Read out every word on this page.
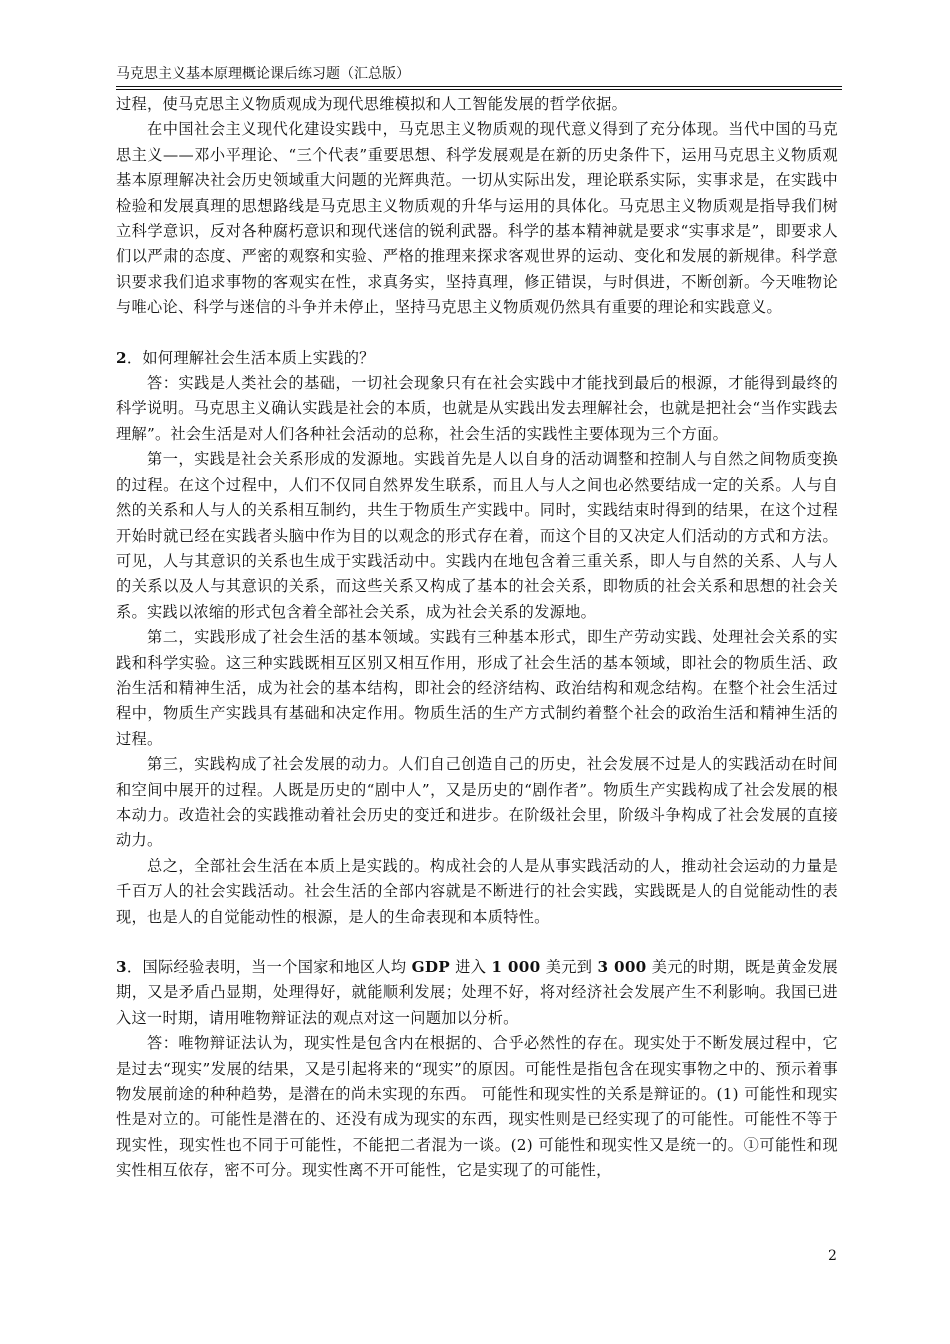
马克思主义基本原理概论课后练习题（汇总版）

过程，使马克思主义物质观成为现代思维模拟和人工智能发展的哲学依据。

在中国社会主义现代化建设实践中，马克思主义物质观的现代意义得到了充分体现。当代中国的马克思主义——邓小平理论、“三个代表”重要思想、科学发展观是在新的历史条件下，运用马克思主义物质观基本原理解决社会历史领域重大问题的光辉典范。一切从实际出发，理论联系实际，实事求是，在实践中检验和发展真理的思想路线是马克思主义物质观的升华与运用的具体化。马克思主义物质观是指导我们树立科学意识，反对各种腐朽意识和现代迷信的锐利武器。科学的基本精神就是要求“实事求是”，即要求人们以严肃的态度、严密的观察和实验、严格的推理来探求客观世界的运动、变化和发展的新规律。科学意识要求我们追求事物的客观实在性，求真务实，坚持真理，修正错误，与时俱进，不断创新。今天唯物论与唯心论、科学与迷信的斗争并未停止，坚持马克思主义物质观仍然具有重要的理论和实践意义。

2．如何理解社会生活本质上实践的？

答：实践是人类社会的基础，一切社会现象只有在社会实践中才能找到最后的根源，才能得到最终的科学说明。马克思主义确认实践是社会的本质，也就是从实践出发去理解社会，也就是把社会“当作实践去理解”。社会生活是对人们各种社会活动的总称，社会生活的实践性主要体现为三个方面。

第一，实践是社会关系形成的发源地。实践首先是人以自身的活动调整和控制人与自然之间物质变换的过程。在这个过程中，人们不仅同自然界发生联系，而且人与人之间也必然要结成一定的关系。人与自然的关系和人与人的关系相互制约，共生于物质生产实践中。同时，实践结束时得到的结果，在这个过程开始时就已经在实践者头脑中作为目的以观念的形式存在着，而这个目的又决定人们活动的方式和方法。可见，人与其意识的关系也生成于实践活动中。实践内在地包含着三重关系，即人与自然的关系、人与人的关系以及人与其意识的关系，而这些关系又构成了基本的社会关系，即物质的社会关系和思想的社会关系。实践以浓缩的形式包含着全部社会关系，成为社会关系的发源地。

第二，实践形成了社会生活的基本领域。实践有三种基本形式，即生产劳动实践、处理社会关系的实践和科学实验。这三种实践既相互区别又相互作用，形成了社会生活的基本领域，即社会的物质生活、政治生活和精神生活，成为社会的基本结构，即社会的经济结构、政治结构和观念结构。在整个社会生活过程中，物质生产实践具有基础和决定作用。物质生活的生产方式制约着整个社会的政治生活和精神生活的过程。

第三，实践构成了社会发展的动力。人们自己创造自己的历史，社会发展不过是人的实践活动在时间和空间中展开的过程。人既是历史的“剧中人”，又是历史的“剧作者”。物质生产实践构成了社会发展的根本动力。改造社会的实践推动着社会历史的变迁和进步。在阶级社会里，阶级斗争构成了社会发展的直接动力。

总之，全部社会生活在本质上是实践的。构成社会的人是从事实践活动的人，推动社会运动的力量是千百万人的社会实践活动。社会生活的全部内容就是不断进行的社会实践，实践既是人的自觉能动性的表现，也是人的自觉能动性的根源，是人的生命表现和本质特性。

3．国际经验表明，当一个国家和地区人均 GDP 进入 1 000 美元到 3 000 美元的时期，既是黄金发展期，又是矛盾凸显期，处理得好，就能顺利发展；处理不好，将对经济社会发展产生不利影响。我国已进入这一时期，请用唯物辩证法的观点对这一问题加以分析。

答：唯物辩证法认为，现实性是包含内在根据的、合乎必然性的存在。现实处于不断发展过程中，它是过去“现实”发展的结果，又是引起将来的“现实”的原因。可能性是指包含在现实事物之中的、预示着事物发展前途的种种趋势，是潜在的尚未实现的东西。 可能性和现实性的关系是辩证的。(1) 可能性和现实性是对立的。可能性是潜在的、还没有成为现实的东西，现实性则是已经实现了的可能性。可能性不等于现实性，现实性也不同于可能性，不能把二者混为一谈。(2) 可能性和现实性又是统一的。①可能性和现实性相互依存，密不可分。现实性离不开可能性，它是实现了的可能性，

2
